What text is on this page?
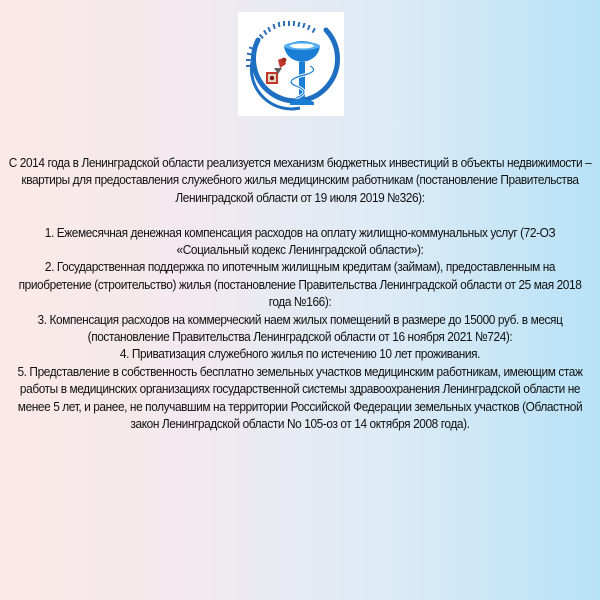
С 2014 года в Ленинградской области реализуется механизм бюджетных инвестиций в объекты недвижимости – квартиры для предоставления служебного жилья медицинским работникам (постановление Правительства Ленинградской области от 19 июля 2019 №326):

1. Ежемесячная денежная компенсация расходов на оплату жилищно-коммунальных услуг (72-ОЗ «Социальный кодекс Ленинградской области»):

2. Государственная поддержка по ипотечным жилищным кредитам (займам), предоставленным на приобретение (строительство) жилья (постановление Правительства Ленинградской области от 25 мая 2018 года №166):

3. Компенсация расходов на коммерческий наем жилых помещений в размере до 15000 руб. в месяц (постановление Правительства Ленинградской области от 16 ноября 2021 №724):

4. Приватизация служебного жилья по истечению 10 лет проживания.

5. Представление в собственность бесплатно земельных участков медицинским работникам, имеющим стаж работы в медицинских организациях государственной системы здравоохранения Ленинградской области не менее 5 лет, и ранее, не получавшим на территории Российской Федерации земельных участков (Областной закон Ленинградской области No 105-оз от 14 октября 2008 года).
